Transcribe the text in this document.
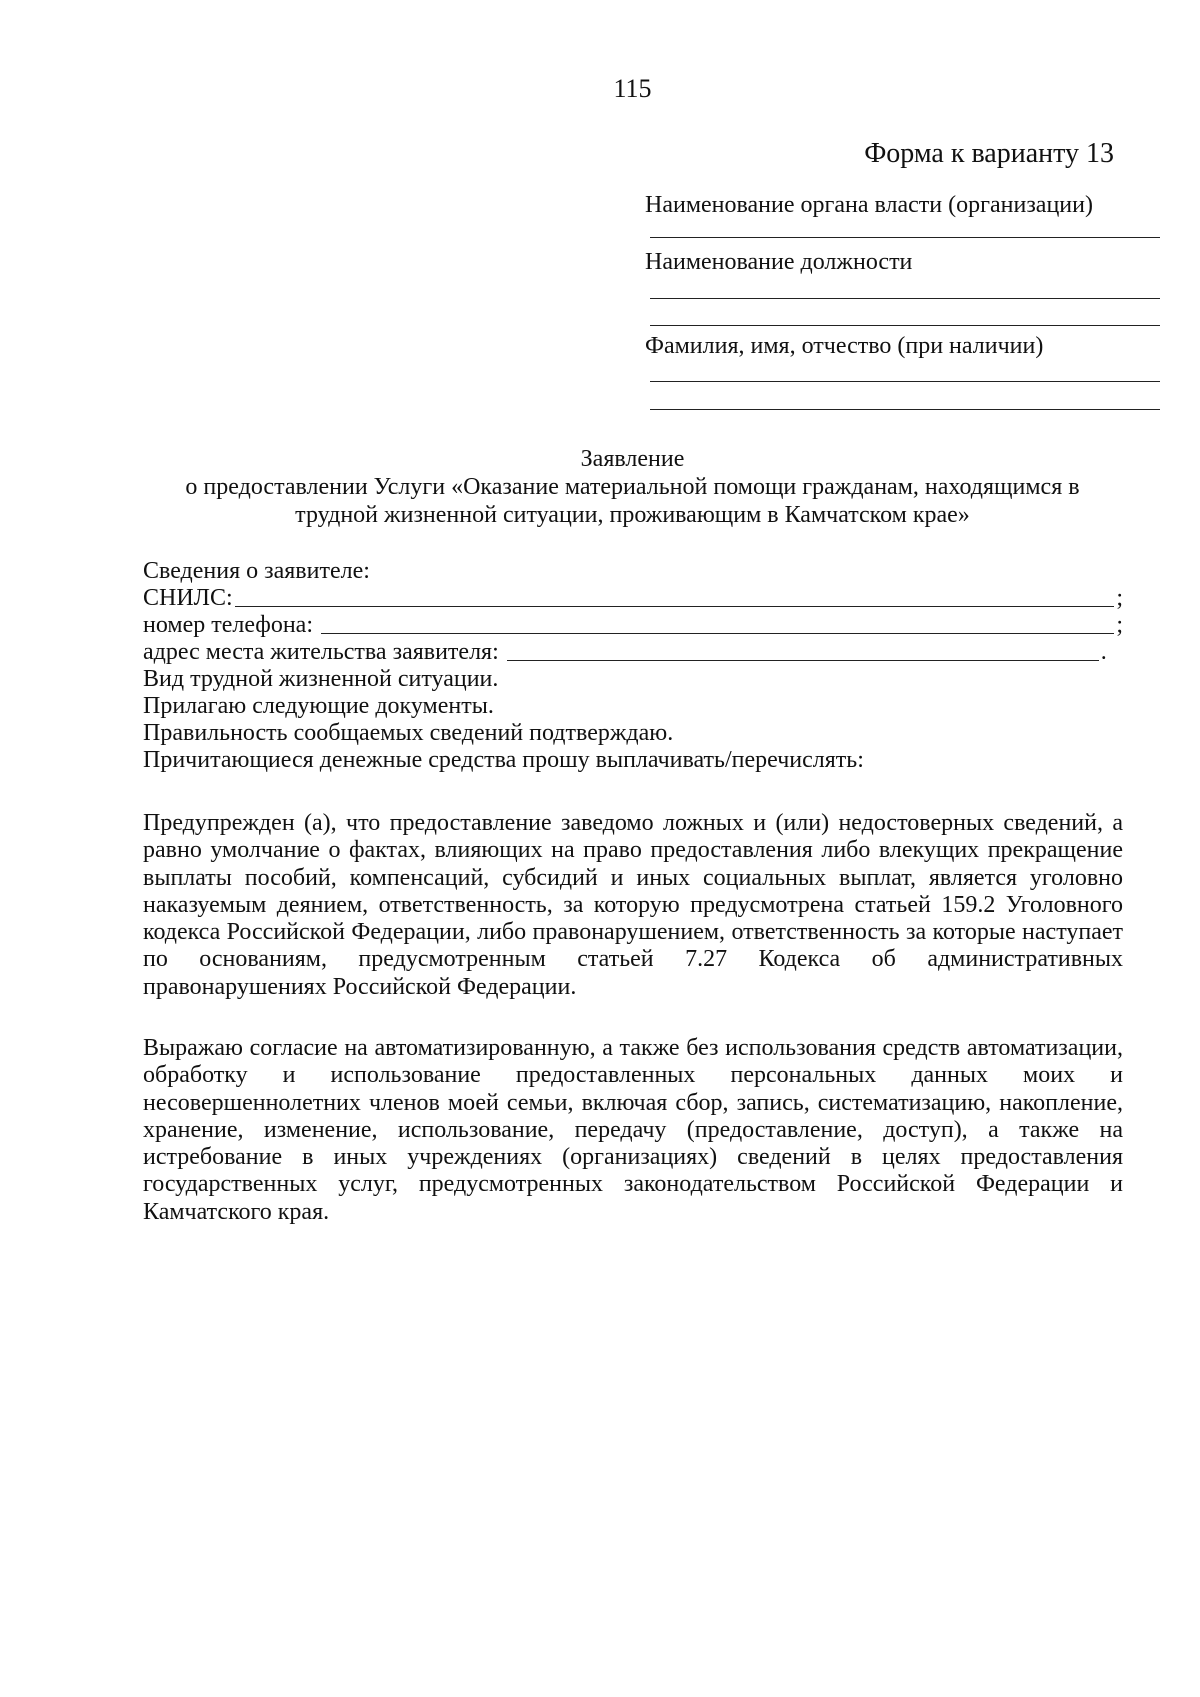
115
Форма к варианту 13
Наименование органа власти (организации)
Наименование должности
Фамилия, имя, отчество (при наличии)
Заявление
о предоставлении Услуги «Оказание материальной помощи гражданам, находящимся в
трудной жизненной ситуации, проживающим в Камчатском крае»
Сведения о заявителе:
СНИЛС:	;
номер телефона:	;
адрес места жительства заявителя:	.
Вид трудной жизненной ситуации.
Прилагаю следующие документы.
Правильность сообщаемых сведений подтверждаю.
Причитающиеся денежные средства прошу выплачивать/перечислять:
Предупрежден (а), что предоставление заведомо ложных и (или) недостоверных сведений, а равно умолчание о фактах, влияющих на право предоставления либо влекущих прекращение выплаты пособий, компенсаций, субсидий и иных социальных выплат, является уголовно наказуемым деянием, ответственность, за которую предусмотрена статьей 159.2 Уголовного кодекса Российской Федерации, либо правонарушением, ответственность за которые наступает по основаниям, предусмотренным статьей 7.27 Кодекса об административных правонарушениях Российской Федерации.
Выражаю согласие на автоматизированную, а также без использования средств автоматизации, обработку и использование предоставленных персональных данных моих и несовершеннолетних членов моей семьи, включая сбор, запись, систематизацию, накопление, хранение, изменение, использование, передачу (предоставление, доступ), а также на истребование в иных учреждениях (организациях) сведений в целях предоставления государственных услуг, предусмотренных законодательством Российской Федерации и Камчатского края.
